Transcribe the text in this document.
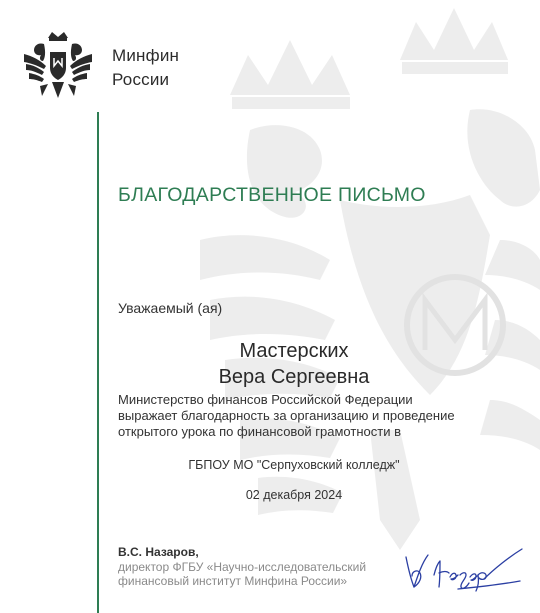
Минфин
России
БЛАГОДАРСТВЕННОЕ ПИСЬМО
Уважаемый (ая)
Мастерских
Вера Сергеевна
Министерство финансов Российской Федерации
выражает благодарность за организацию и проведение
открытого урока по финансовой грамотности в
ГБПОУ МО "Серпуховский колледж"
02 декабря 2024
В.С. Назаров,
директор ФГБУ «Научно-исследовательский
финансовый институт Минфина России»
